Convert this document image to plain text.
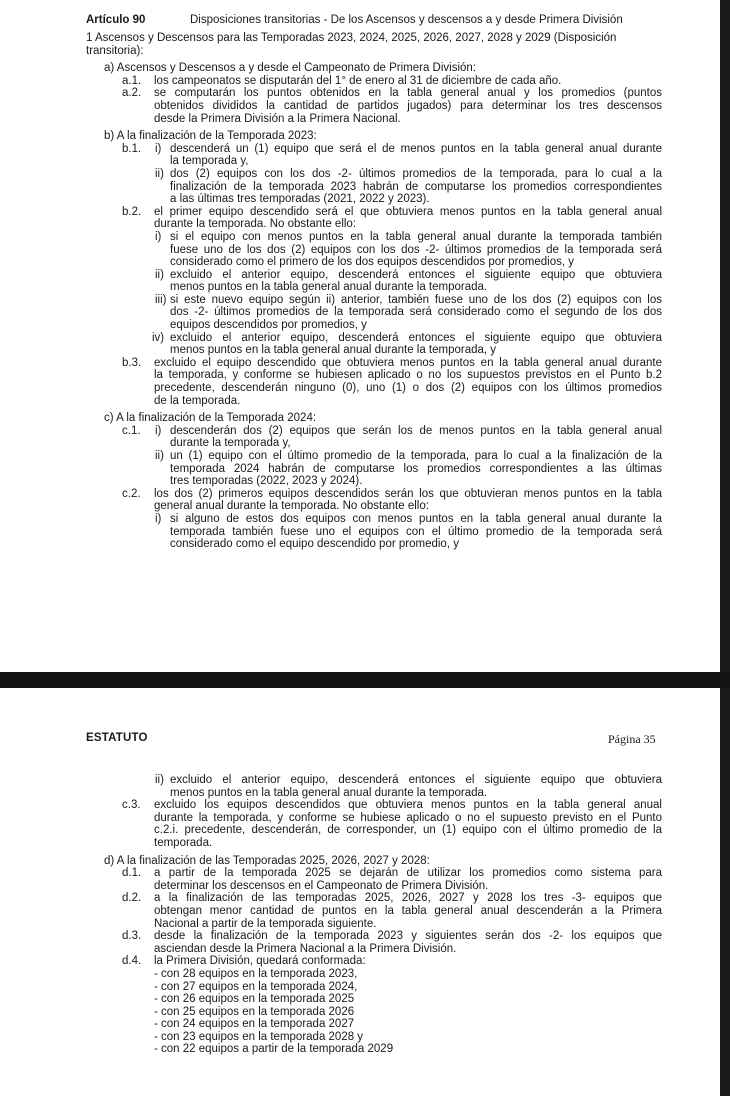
Artículo 90	Disposiciones transitorias - De los Ascensos y descensos a y desde Primera División
1 Ascensos y Descensos para las Temporadas 2023, 2024, 2025, 2026, 2027, 2028 y 2029 (Disposición
transitoria):
a) Ascensos y Descensos a y desde el Campeonato de Primera División:
a.1. los campeonatos se disputarán del 1° de enero al 31 de diciembre de cada año.
a.2. se computarán los puntos obtenidos en la tabla general anual y los promedios (puntos
obtenidos divididos la cantidad de partidos jugados) para determinar los tres descensos
desde la Primera División a la Primera Nacional.
b) A la finalización de la Temporada 2023:
b.1. i) descenderá un (1) equipo que será el de menos puntos en la tabla general anual durante
la temporada y,
ii) dos (2) equipos con los dos -2- últimos promedios de la temporada, para lo cual a la
finalización de la temporada 2023 habrán de computarse los promedios correspondientes
a las últimas tres temporadas (2021, 2022 y 2023).
b.2. el primer equipo descendido será el que obtuviera menos puntos en la tabla general anual
durante la temporada. No obstante ello:
i) si el equipo con menos puntos en la tabla general anual durante la temporada también
fuese uno de los dos (2) equipos con los dos -2- últimos promedios de la temporada será
considerado como el primero de los dos equipos descendidos por promedios, y
ii) excluido el anterior equipo, descenderá entonces el siguiente equipo que obtuviera
menos puntos en la tabla general anual durante la temporada.
iii) si este nuevo equipo según ii) anterior, también fuese uno de los dos (2) equipos con los
dos -2- últimos promedios de la temporada será considerado como el segundo de los dos
equipos descendidos por promedios, y
iv) excluido el anterior equipo, descenderá entonces el siguiente equipo que obtuviera
menos puntos en la tabla general anual durante la temporada, y
b.3. excluido el equipo descendido que obtuviera menos puntos en la tabla general anual durante
la temporada, y conforme se hubiesen aplicado o no los supuestos previstos en el Punto b.2
precedente, descenderán ninguno (0), uno (1) o dos (2) equipos con los últimos promedios
de la temporada.
c) A la finalización de la Temporada 2024:
c.1. i) descenderán dos (2) equipos que serán los de menos puntos en la tabla general anual
durante la temporada y,
ii) un (1) equipo con el último promedio de la temporada, para lo cual a la finalización de la
temporada 2024 habrán de computarse los promedios correspondientes a las últimas
tres temporadas (2022, 2023 y 2024).
c.2. los dos (2) primeros equipos descendidos serán los que obtuvieran menos puntos en la tabla
general anual durante la temporada. No obstante ello:
i) si alguno de estos dos equipos con menos puntos en la tabla general anual durante la
temporada también fuese uno el equipos con el último promedio de la temporada será
considerado como el equipo descendido por promedio, y
ESTATUTO	Página 35
ii) excluido el anterior equipo, descenderá entonces el siguiente equipo que obtuviera
menos puntos en la tabla general anual durante la temporada.
c.3. excluido los equipos descendidos que obtuviera menos puntos en la tabla general anual
durante la temporada, y conforme se hubiese aplicado o no el supuesto previsto en el Punto
c.2.i. precedente, descenderán, de corresponder, un (1) equipo con el último promedio de la
temporada.
d) A la finalización de las Temporadas 2025, 2026, 2027 y 2028:
d.1. a partir de la temporada 2025 se dejarán de utilizar los promedios como sistema para
determinar los descensos en el Campeonato de Primera División.
d.2. a la finalización de las temporadas 2025, 2026, 2027 y 2028 los tres -3- equipos que
obtengan menor cantidad de puntos en la tabla general anual descenderán a la Primera
Nacional a partir de la temporada siguiente.
d.3. desde la finalización de la temporada 2023 y siguientes serán dos -2- los equipos que
asciendan desde la Primera Nacional a la Primera División.
d.4. la Primera División, quedará conformada:
- con 28 equipos en la temporada 2023,
- con 27 equipos en la temporada 2024,
- con 26 equipos en la temporada 2025
- con 25 equipos en la temporada 2026
- con 24 equipos en la temporada 2027
- con 23 equipos en la temporada 2028 y
- con 22 equipos a partir de la temporada 2029
